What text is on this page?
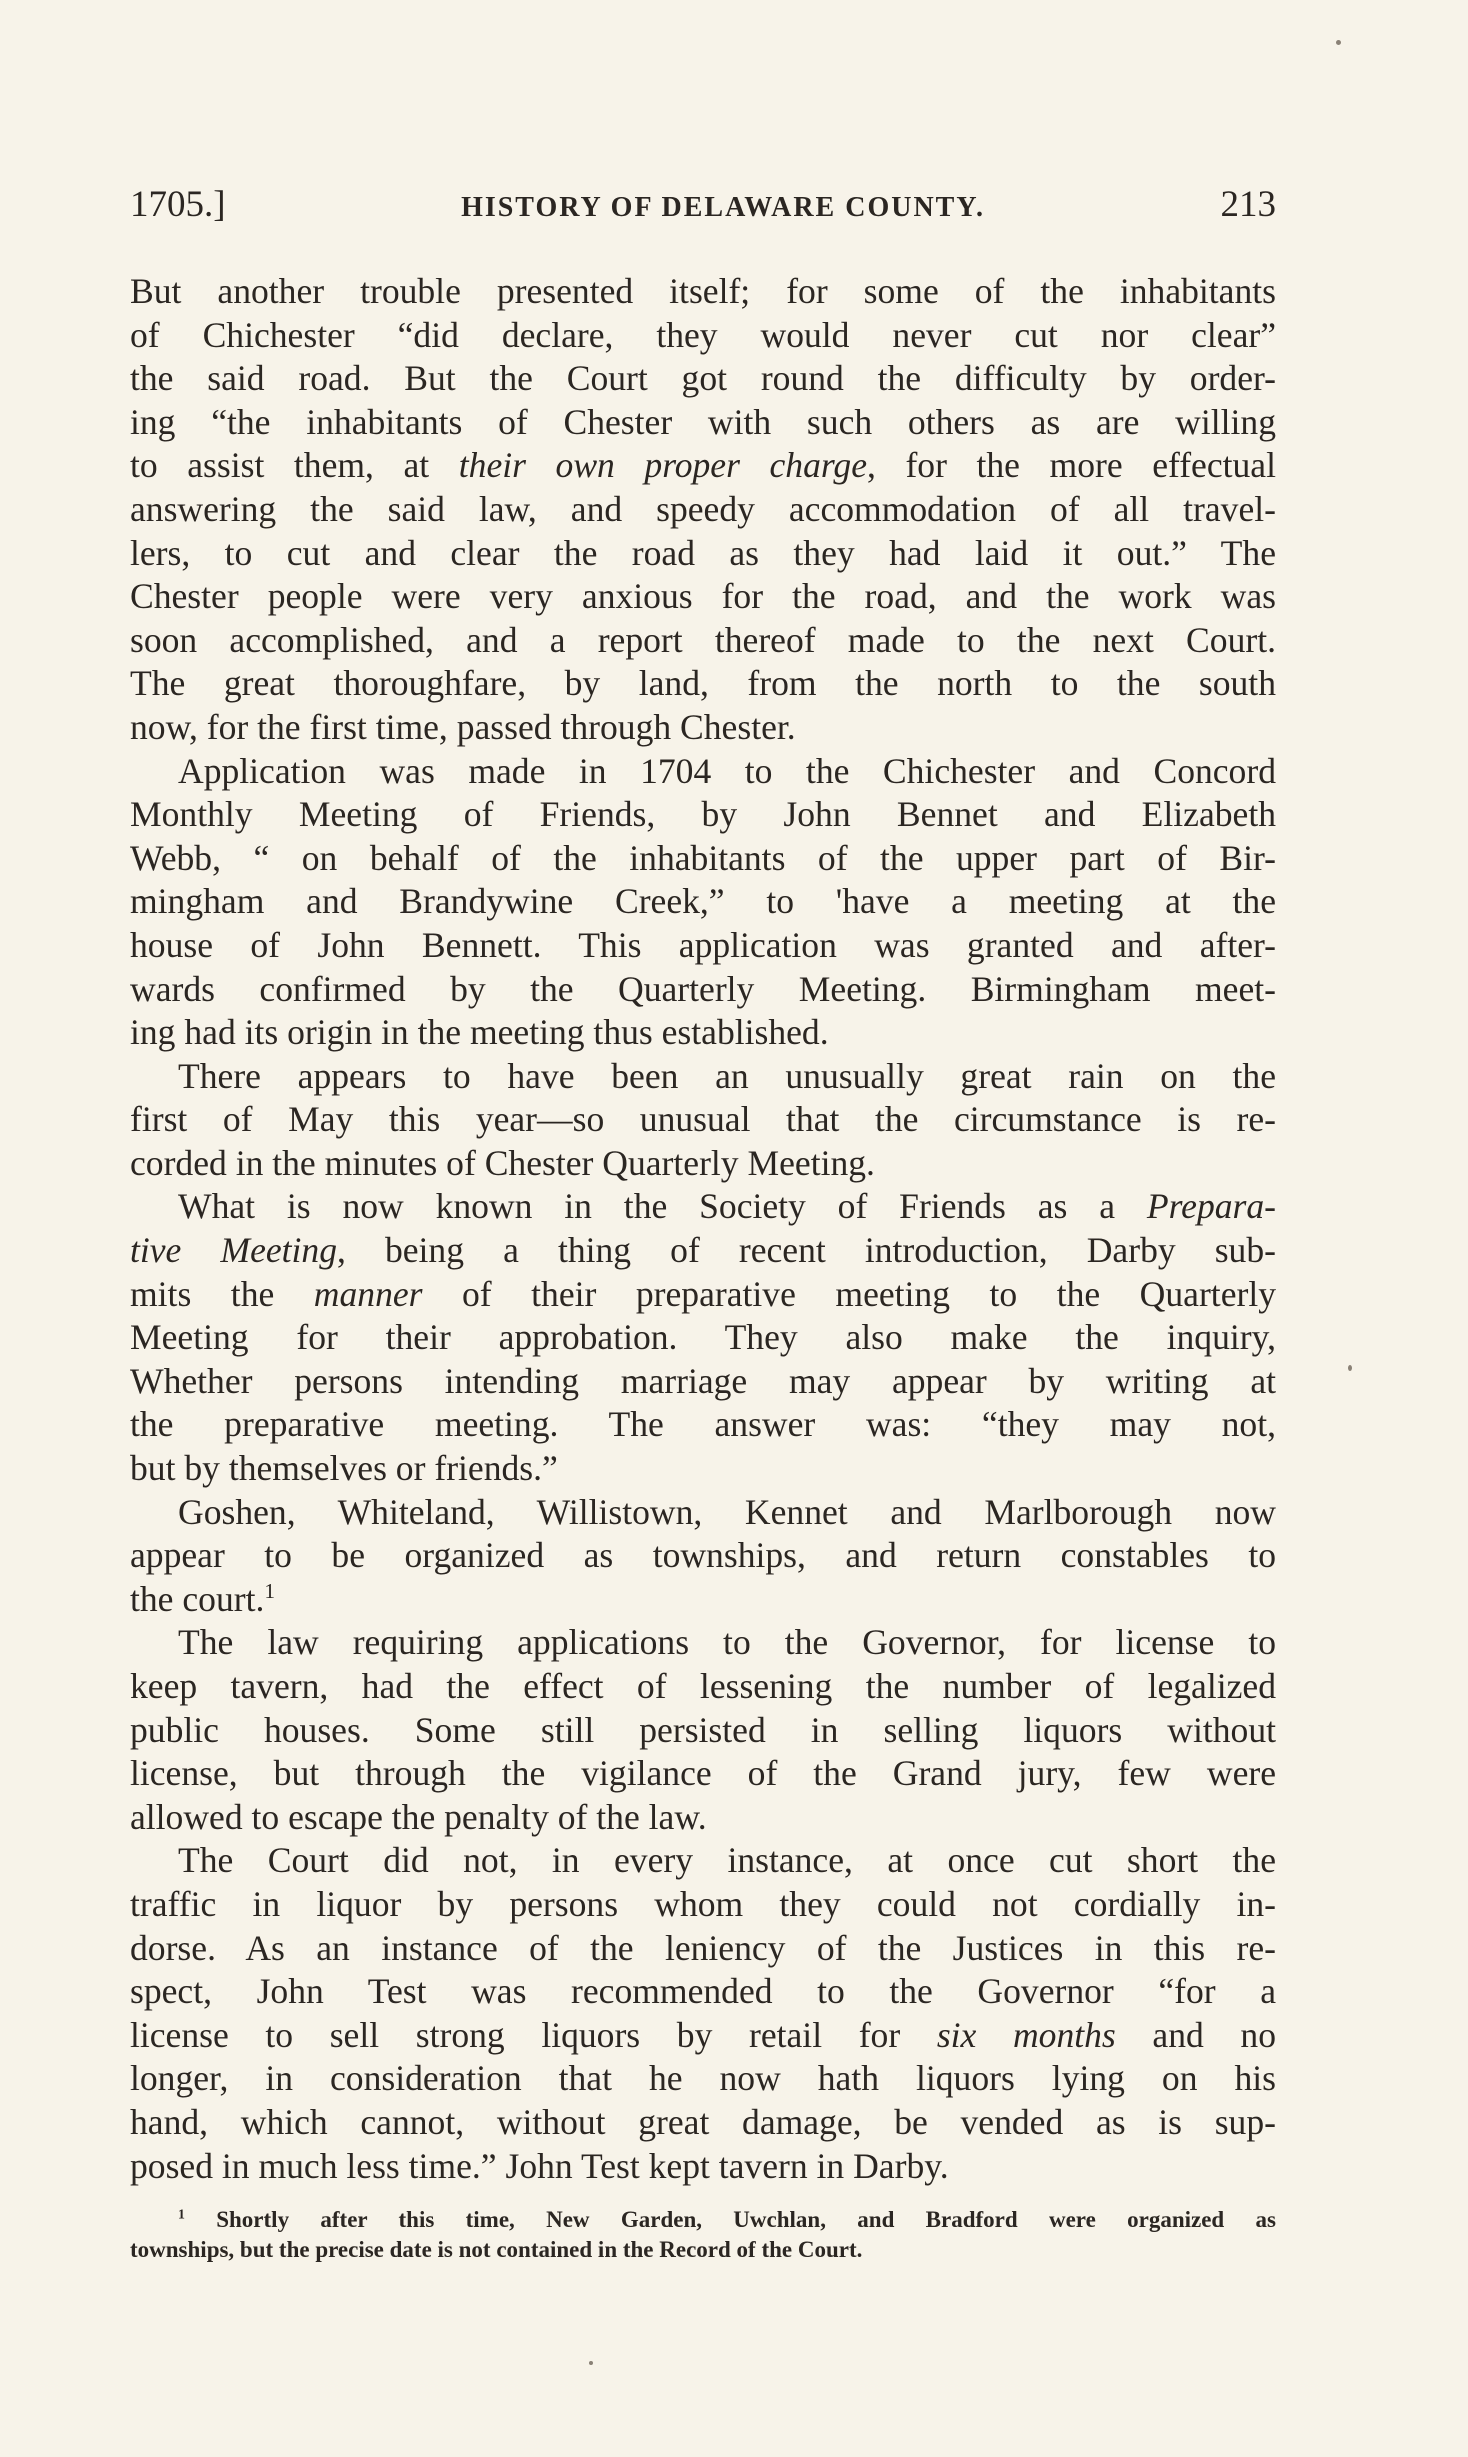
1705.]	HISTORY OF DELAWARE COUNTY.	213
But another trouble presented itself; for some of the inhabitants
of Chichester “did declare, they would never cut nor clear”
the said road. But the Court got round the difficulty by order-
ing “the inhabitants of Chester with such others as are willing
to assist them, at their own proper charge, for the more effectual
answering the said law, and speedy accommodation of all travel-
lers, to cut and clear the road as they had laid it out.” The
Chester people were very anxious for the road, and the work was
soon accomplished, and a report thereof made to the next Court.
The great thoroughfare, by land, from the north to the south
now, for the first time, passed through Chester.
Application was made in 1704 to the Chichester and Concord
Monthly Meeting of Friends, by John Bennet and Elizabeth
Webb, “ on behalf of the inhabitants of the upper part of Bir-
mingham and Brandywine Creek,” to 'have a meeting at the
house of John Bennett. This application was granted and after-
wards confirmed by the Quarterly Meeting. Birmingham meet-
ing had its origin in the meeting thus established.
There appears to have been an unusually great rain on the
first of May this year—so unusual that the circumstance is re-
corded in the minutes of Chester Quarterly Meeting.
What is now known in the Society of Friends as a Prepara-
tive Meeting, being a thing of recent introduction, Darby sub-
mits the manner of their preparative meeting to the Quarterly
Meeting for their approbation. They also make the inquiry,
Whether persons intending marriage may appear by writing at
the preparative meeting. The answer was: “they may not,
but by themselves or friends.”
Goshen, Whiteland, Willistown, Kennet and Marlborough now
appear to be organized as townships, and return constables to
the court.$^1$
The law requiring applications to the Governor, for license to
keep tavern, had the effect of lessening the number of legalized
public houses. Some still persisted in selling liquors without
license, but through the vigilance of the Grand jury, few were
allowed to escape the penalty of the law.
The Court did not, in every instance, at once cut short the
traffic in liquor by persons whom they could not cordially in-
dorse. As an instance of the leniency of the Justices in this re-
spect, John Test was recommended to the Governor “for a
license to sell strong liquors by retail for six months and no
longer, in consideration that he now hath liquors lying on his
hand, which cannot, without great damage, be vended as is sup-
posed in much less time.” John Test kept tavern in Darby.
$^1$ Shortly after this time, New Garden, Uwchlan, and Bradford were organized as
townships, but the precise date is not contained in the Record of the Court.
